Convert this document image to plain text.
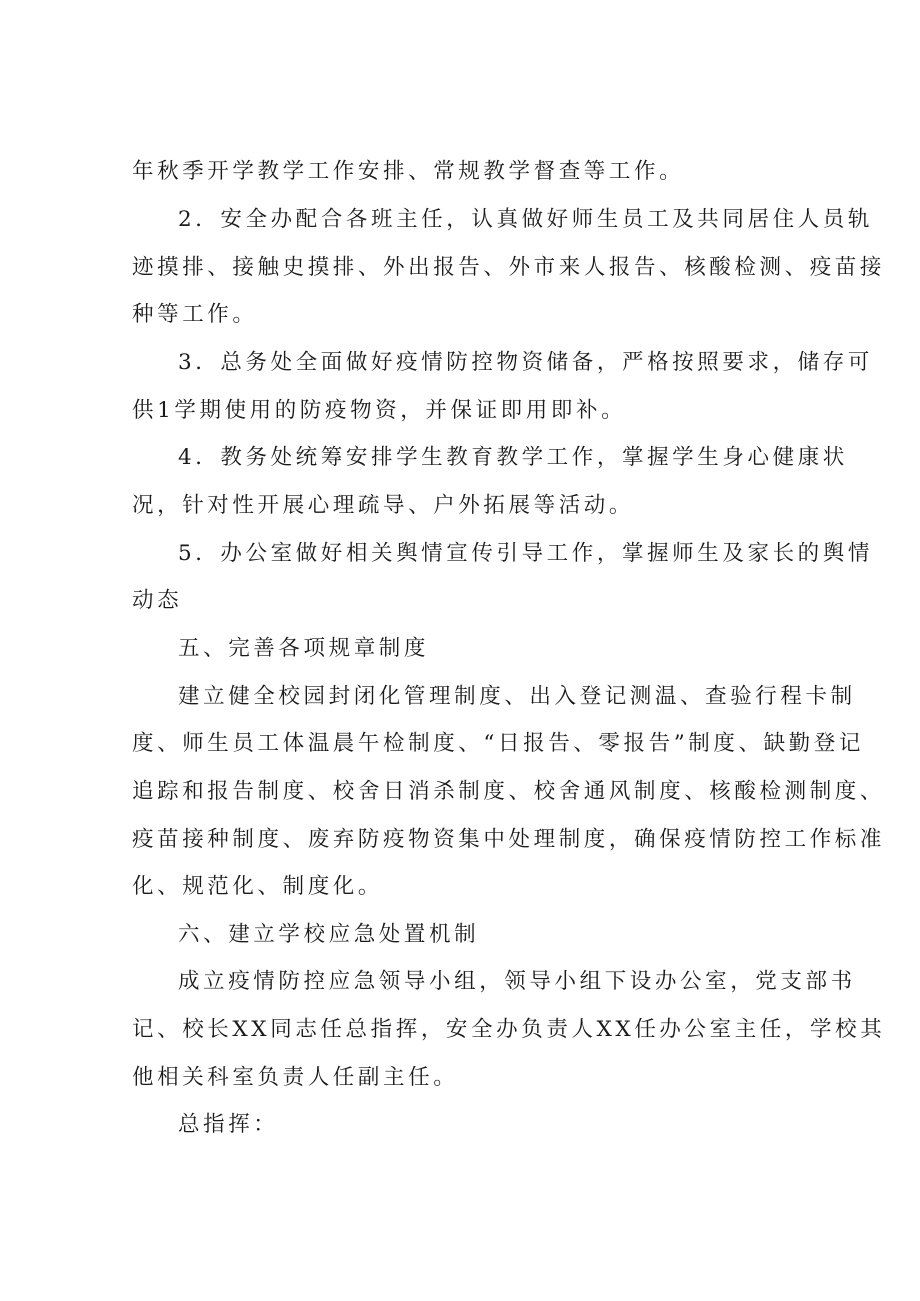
年秋季开学教学工作安排、常规教学督查等工作。
2．安全办配合各班主任，认真做好师生员工及共同居住人员轨
迹摸排、接触史摸排、外出报告、外市来人报告、核酸检测、疫苗接
种等工作。
3．总务处全面做好疫情防控物资储备，严格按照要求，储存可
供1学期使用的防疫物资，并保证即用即补。
4．教务处统筹安排学生教育教学工作，掌握学生身心健康状
况，针对性开展心理疏导、户外拓展等活动。
5．办公室做好相关舆情宣传引导工作，掌握师生及家长的舆情
动态
五、完善各项规章制度
建立健全校园封闭化管理制度、出入登记测温、查验行程卡制
度、师生员工体温晨午检制度、“日报告、零报告”制度、缺勤登记
追踪和报告制度、校舍日消杀制度、校舍通风制度、核酸检测制度、
疫苗接种制度、废弃防疫物资集中处理制度，确保疫情防控工作标准
化、规范化、制度化。
六、建立学校应急处置机制
成立疫情防控应急领导小组，领导小组下设办公室，党支部书
记、校长XX同志任总指挥，安全办负责人XX任办公室主任，学校其
他相关科室负责人任副主任。
总指挥：
